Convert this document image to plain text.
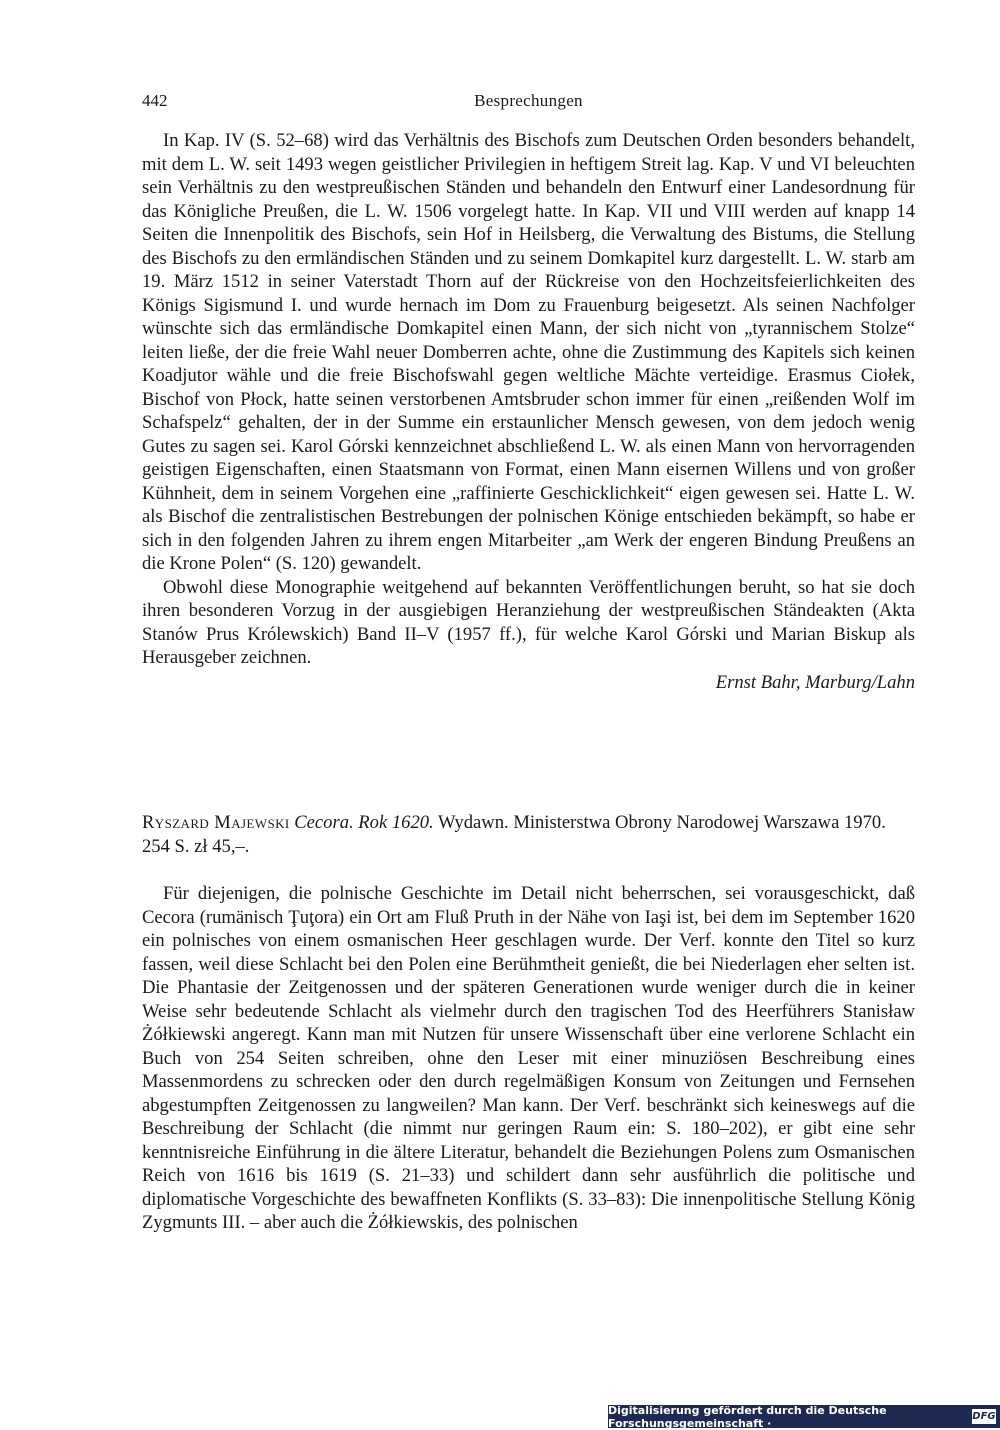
442	Besprechungen

In Kap. IV (S. 52–68) wird das Verhältnis des Bischofs zum Deutschen Orden besonders behandelt, mit dem L. W. seit 1493 wegen geistlicher Privilegien in heftigem Streit lag. Kap. V und VI beleuchten sein Verhältnis zu den westpreußischen Ständen und behandeln den Entwurf einer Landesordnung für das Königliche Preußen, die L. W. 1506 vorgelegt hatte. In Kap. VII und VIII werden auf knapp 14 Seiten die Innenpolitik des Bischofs, sein Hof in Heilsberg, die Verwaltung des Bistums, die Stellung des Bischofs zu den ermländischen Ständen und zu seinem Domkapitel kurz dargestellt. L. W. starb am 19. März 1512 in seiner Vaterstadt Thorn auf der Rückreise von den Hochzeitsfeierlichkeiten des Königs Sigismund I. und wurde hernach im Dom zu Frauenburg beigesetzt. Als seinen Nachfolger wünschte sich das ermländische Domkapitel einen Mann, der sich nicht von „tyrannischem Stolze“ leiten ließe, der die freie Wahl neuer Domberren achte, ohne die Zustimmung des Kapitels sich keinen Koadjutor wähle und die freie Bischofswahl gegen weltliche Mächte verteidige. Erasmus Ciołek, Bischof von Płock, hatte seinen verstorbenen Amtsbruder schon immer für einen „reißenden Wolf im Schafspelz“ gehalten, der in der Summe ein erstaunlicher Mensch gewesen, von dem jedoch wenig Gutes zu sagen sei. Karol Górski kennzeichnet abschließend L. W. als einen Mann von hervorragenden geistigen Eigenschaften, einen Staatsmann von Format, einen Mann eisernen Willens und von großer Kühnheit, dem in seinem Vorgehen eine „raffinierte Geschicklichkeit“ eigen gewesen sei. Hatte L. W. als Bischof die zentralistischen Bestrebungen der polnischen Könige entschieden bekämpft, so habe er sich in den folgenden Jahren zu ihrem engen Mitarbeiter „am Werk der engeren Bindung Preußens an die Krone Polen“ (S. 120) gewandelt.

Obwohl diese Monographie weitgehend auf bekannten Veröffentlichungen beruht, so hat sie doch ihren besonderen Vorzug in der ausgiebigen Heranziehung der westpreußischen Ständeakten (Akta Stanów Prus Królewskich) Band II–V (1957 ff.), für welche Karol Górski und Marian Biskup als Herausgeber zeichnen.

Ernst Bahr, Marburg/Lahn
Ryszard Majewski Cecora. Rok 1620. Wydawn. Ministerstwa Obrony Narodowej Warszawa 1970. 254 S. zł 45,–.

Für diejenigen, die polnische Geschichte im Detail nicht beherrschen, sei vorausgeschickt, daß Cecora (rumänisch Ţuţora) ein Ort am Fluß Pruth in der Nähe von Iaşi ist, bei dem im September 1620 ein polnisches von einem osmanischen Heer geschlagen wurde. Der Verf. konnte den Titel so kurz fassen, weil diese Schlacht bei den Polen eine Berühmtheit genießt, die bei Niederlagen eher selten ist. Die Phantasie der Zeitgenossen und der späteren Generationen wurde weniger durch die in keiner Weise sehr bedeutende Schlacht als vielmehr durch den tragischen Tod des Heerführers Stanisław Żółkiewski angeregt. Kann man mit Nutzen für unsere Wissenschaft über eine verlorene Schlacht ein Buch von 254 Seiten schreiben, ohne den Leser mit einer minuziösen Beschreibung eines Massenmordens zu schrecken oder den durch regelmäßigen Konsum von Zeitungen und Fernsehen abgestumpften Zeitgenossen zu langweilen? Man kann. Der Verf. beschränkt sich keineswegs auf die Beschreibung der Schlacht (die nimmt nur geringen Raum ein: S. 180–202), er gibt eine sehr kenntnisreiche Einführung in die ältere Literatur, behandelt die Beziehungen Polens zum Osmanischen Reich von 1616 bis 1619 (S. 21–33) und schildert dann sehr ausführlich die politische und diplomatische Vorgeschichte des bewaffneten Konflikts (S. 33–83): Die innenpolitische Stellung König Zygmunts III. – aber auch die Żółkiewskis, des polnischen

Digitalisierung gefördert durch die Deutsche Forschungsgemeinschaft ·	DFG
